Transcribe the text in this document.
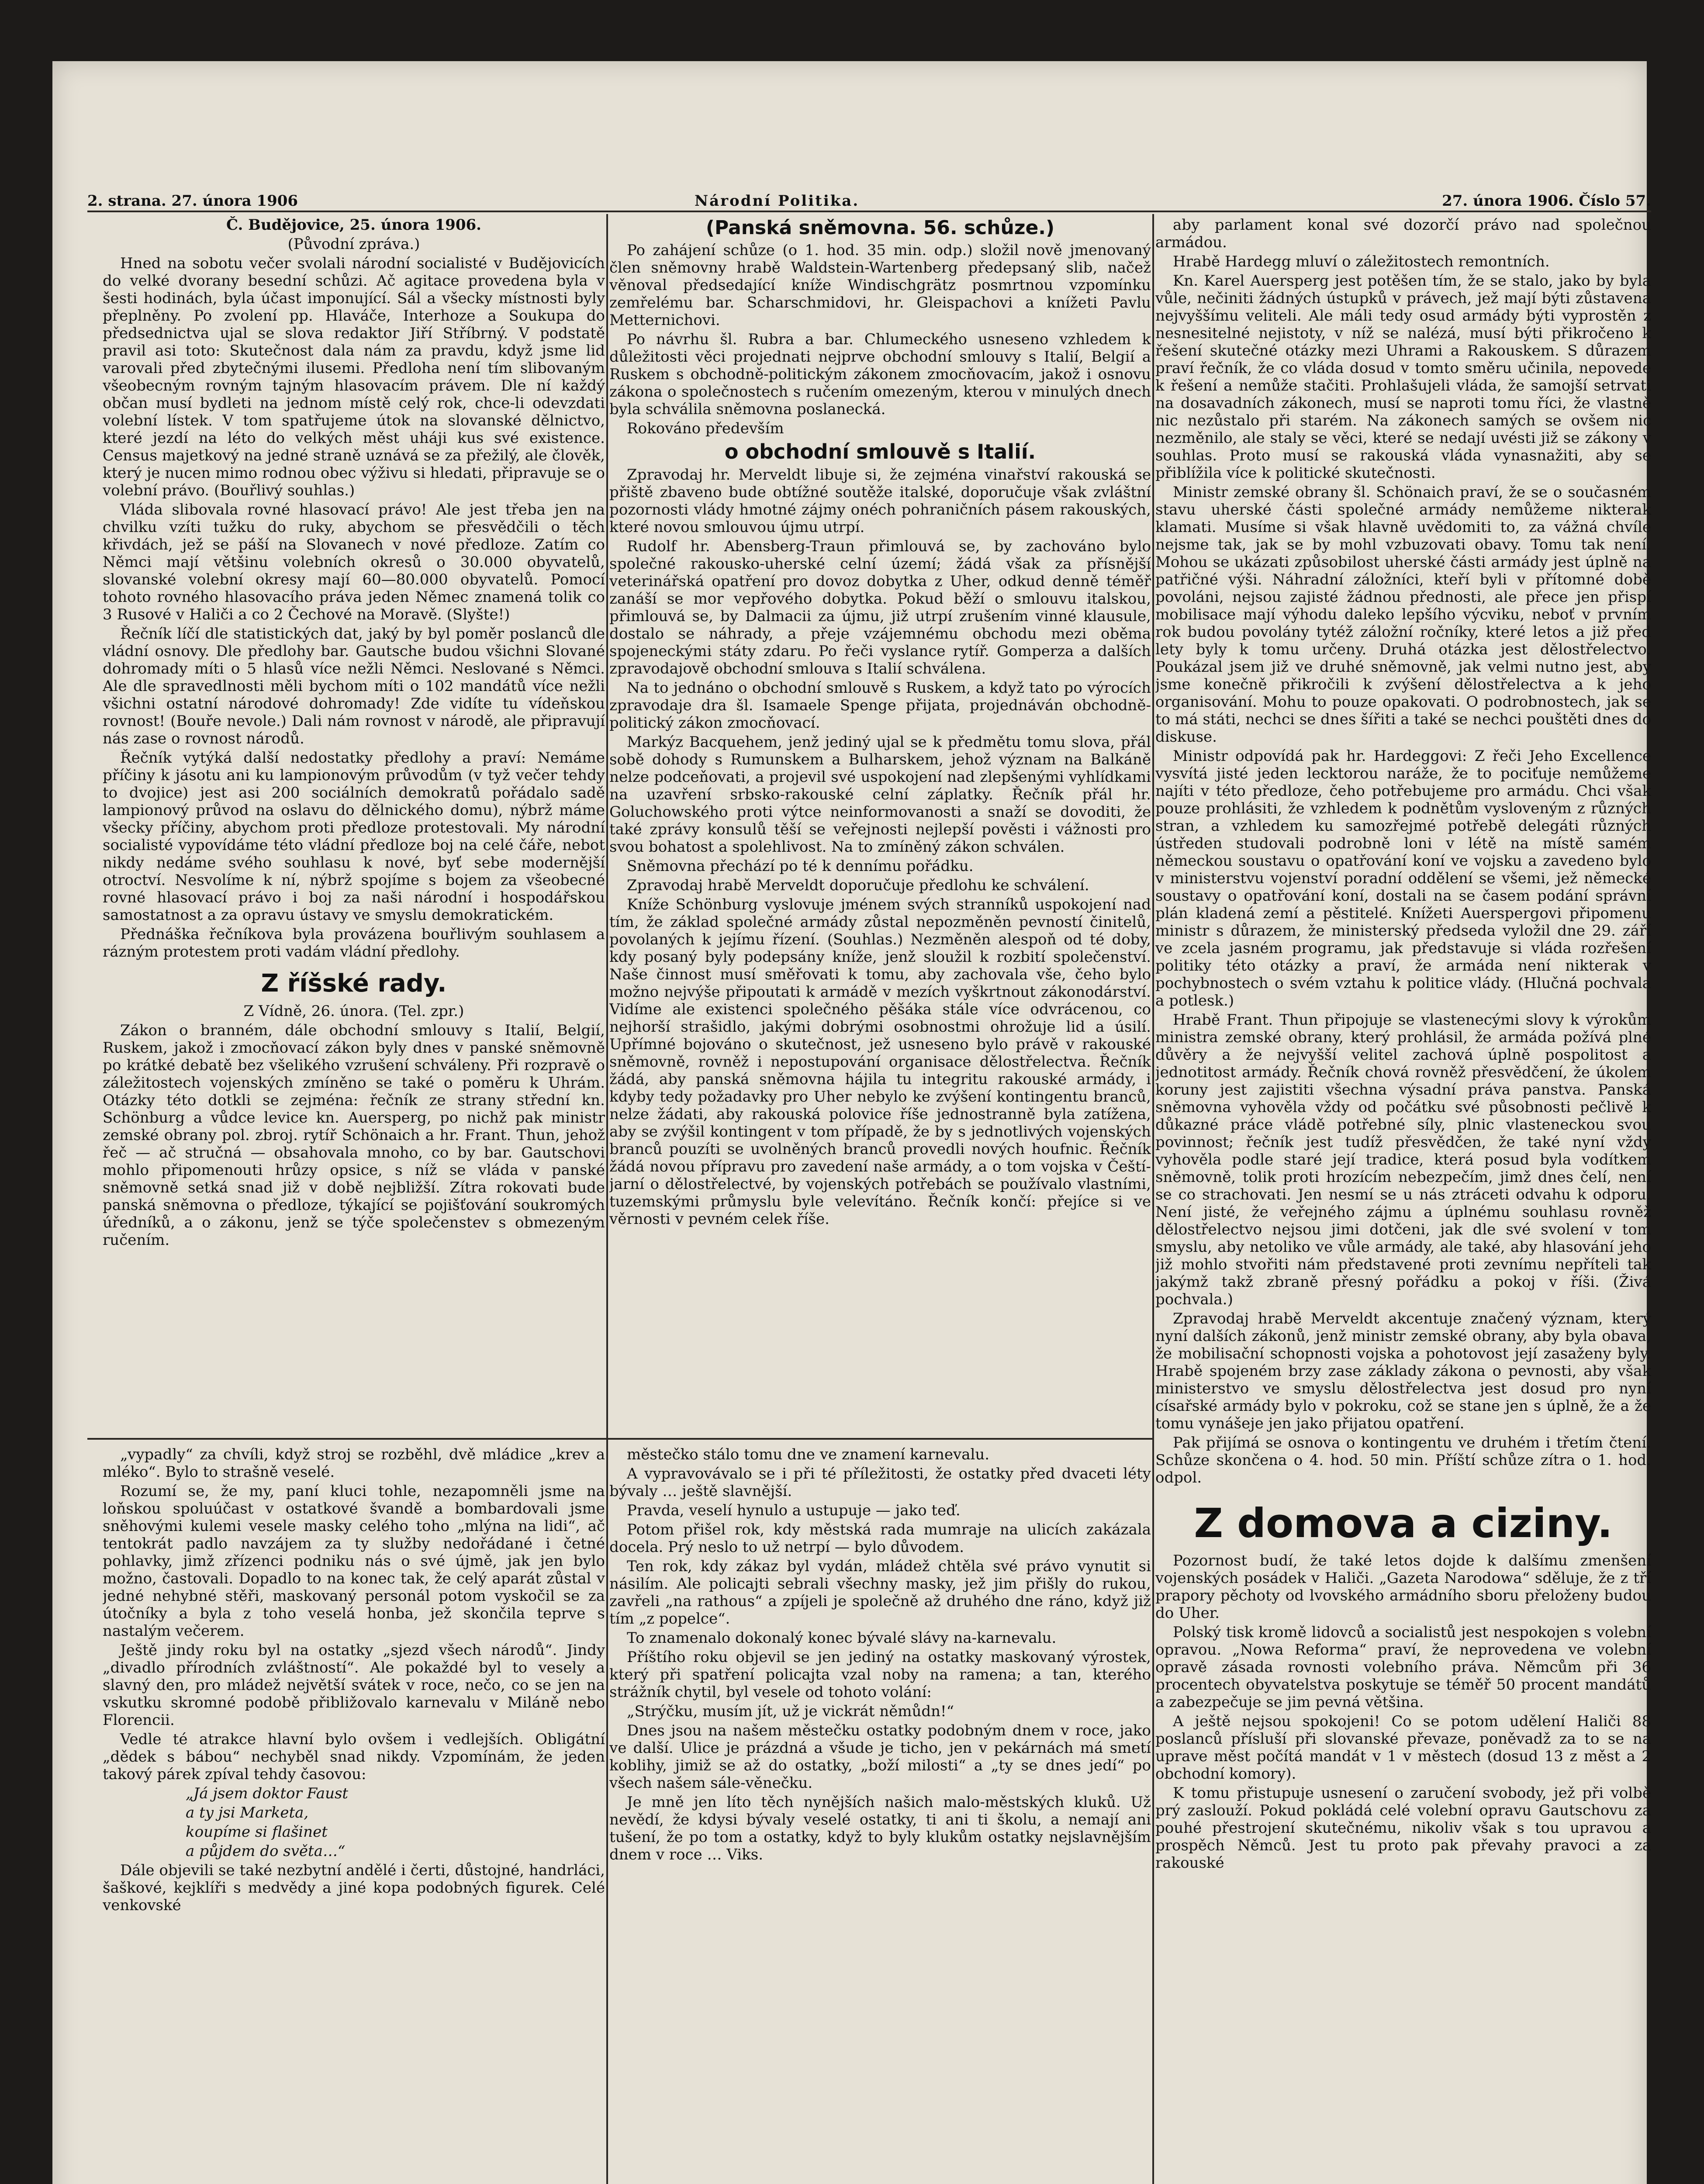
2. strana. 27. února 1906	Národní Politika.	27. února 1906. Číslo 57.

Č. Budějovice, 25. února 1906.

(Původní zpráva.)

Hned na sobotu večer svolali národní socialisté v Budějovicích do velké dvorany besední schůzi. Ač agitace provedena byla v šesti hodinách, byla účast imponující. Sál a všecky místnosti byly přeplněny. Po zvolení pp. Hlaváče, Interhoze a Soukupa do předsednictva ujal se slova redaktor Jiří Stříbrný. V podstatě pravil asi toto: Skutečnost dala nám za pravdu, když jsme lid varovali před zbytečnými ilusemi. Předloha není tím slibovaným všeobecným rovným tajným hlasovacím právem. Dle ní každý občan musí bydleti na jednom místě celý rok, chce-li odevzdati volební lístek. V tom spatřujeme útok na slovanské dělnictvo, které jezdí na léto do velkých měst uháji kus své existence. Census majetkový na jedné straně uznává se za přežilý, ale člověk, který je nucen mimo rodnou obec výživu si hledati, připravuje se o volební právo. (Bouřlivý souhlas.)

Vláda slibovala rovné hlasovací právo! Ale jest třeba jen na chvilku vzíti tužku do ruky, abychom se přesvědčili o těch křivdách, jež se páší na Slovanech v nové předloze. Zatím co Němci mají většinu volebních okresů o 30.000 obyvatelů, slovanské volební okresy mají 60—80.000 obyvatelů. Pomocí tohoto rovného hlasovacího práva jeden Němec znamená tolik co 3 Rusové v Haliči a co 2 Čechové na Moravě. (Slyšte!)

Řečník líčí dle statistických dat, jaký by byl poměr poslanců dle vládní osnovy. Dle předlohy bar. Gautsche budou všichni Slované dohromady míti o 5 hlasů více nežli Němci. Neslované s Němci. Ale dle spravedlnosti měli bychom míti o 102 mandátů více nežli všichni ostatní národové dohromady! Zde vidíte tu vídeňskou rovnost! (Bouře nevole.) Dali nám rovnost v národě, ale připravují nás zase o rovnost národů.

Řečník vytýká další nedostatky předlohy a praví: Nemáme příčiny k jásotu ani ku lampionovým průvodům (v tyž večer tehdy to dvojice) jest asi 200 sociálních demokratů pořádalo sadě lampionový průvod na oslavu do dělnického domu), nýbrž máme všecky příčiny, abychom proti předloze protestovali. My národní socialisté vypovídáme této vládní předloze boj na celé čáře, nebot nikdy nedáme svého souhlasu k nové, byť sebe modernější otroctví. Nesvolíme k ní, nýbrž spojíme s bojem za všeobecné rovné hlasovací právo i boj za naši národní i hospodářskou samostatnost a za opravu ústavy ve smyslu demokratickém.

Přednáška řečníkova byla provázena bouřlivým souhlasem a rázným protestem proti vadám vládní předlohy.

Z říšské rady.

Z Vídně, 26. února. (Tel. zpr.)

Zákon o branném, dále obchodní smlouvy s Italií, Belgií, Ruskem, jakož i zmocňovací zákon byly dnes v panské sněmovně po krátké debatě bez všelikého vzrušení schváleny. Při rozpravě o záležitostech vojenských zmíněno se také o poměru k Uhrám. Otázky této dotkli se zejména: řečník ze strany střední kn. Schönburg a vůdce levice kn. Auersperg, po nichž pak ministr zemské obrany pol. zbroj. rytíř Schönaich a hr. Frant. Thun, jehož řeč — ač stručná — obsahovala mnoho, co by bar. Gautschovi mohlo připomenouti hrůzy opsice, s níž se vláda v panské sněmovně setká snad již v době nejbližší. Zítra rokovati bude panská sněmovna o předloze, týkající se pojišťování soukromých úředníků, a o zákonu, jenž se týče společenstev s obmezeným ručením.

(Panská sněmovna. 56. schůze.)

Po zahájení schůze (o 1. hod. 35 min. odp.) složil nově jmenovaný člen sněmovny hrabě Waldstein-Wartenberg předepsaný slib, načež věnoval předsedající kníže Windischgrätz posmrtnou vzpomínku zemřelému bar. Scharschmidovi, hr. Gleispachovi a knížeti Pavlu Metternichovi.

Po návrhu šl. Rubra a bar. Chlumeckého usneseno vzhledem k důležitosti věci projednati nejprve obchodní smlouvy s Italií, Belgií a Ruskem s obchodně-politickým zákonem zmocňovacím, jakož i osnovu zákona o společnostech s ručením omezeným, kterou v minulých dnech byla schválila sněmovna poslanecká.

Rokováno především

o obchodní smlouvě s Italií.

Zpravodaj hr. Merveldt libuje si, že zejména vinařství rakouská se přiště zbaveno bude obtížné soutěže italské, doporučuje však zvláštní pozornosti vlády hmotné zájmy onéch pohraničních pásem rakouských, které novou smlouvou újmu utrpí.

Rudolf hr. Abensberg-Traun přimlouvá se, by zachováno bylo společné rakousko-uherské celní území; žádá však za přísnější veterinářská opatření pro dovoz dobytka z Uher, odkud denně téměř zanáší se mor vepřového dobytka. Pokud běží o smlouvu italskou, přimlouvá se, by Dalmacii za újmu, již utrpí zrušením vinné klausule, dostalo se náhrady, a přeje vzájemnému obchodu mezi oběma spojeneckými státy zdaru. Po řeči vyslance rytíř. Gomperza a dalších zpravodajově obchodní smlouva s Italií schválena.

Na to jednáno o obchodní smlouvě s Ruskem, a když tato po výrocích zpravodaje dra šl. Isamaele Spenge přijata, projednáván obchodně-politický zákon zmocňovací.

Markýz Bacquehem, jenž jediný ujal se k předmětu tomu slova, přál sobě dohody s Rumunskem a Bulharskem, jehož význam na Balkáně nelze podceňovati, a projevil své uspokojení nad zlepšenými vyhlídkami na uzavření srbsko-rakouské celní záplatky. Řečník přál hr. Goluchowského proti výtce neinformovanosti a snaží se dovoditi, že také zprávy konsulů těší se veřejnosti nejlepší pověsti i vážnosti pro svou bohatost a spolehlivost. Na to zmíněný zákon schválen.

Sněmovna přechází po té k dennímu pořádku.

Zpravodaj hrabě Merveldt doporučuje předlohu ke schválení.

Kníže Schönburg vyslovuje jménem svých stranníků uspokojení nad tím, že základ společné armády zůstal nepozměněn pevností činitelů, povolaných k jejímu řízení. (Souhlas.) Nezměněn alespoň od té doby, kdy posaný byly podepsány kníže, jenž sloužil k rozbití společenství. Naše činnost musí směřovati k tomu, aby zachovala vše, čeho bylo možno nejvýše připoutati k armádě v mezích vyškrtnout zákonodárství. Vidíme ale existenci společného pěšáka stále více odvrácenou, co nejhorší strašidlo, jakými dobrými osobnostmi ohrožuje lid a úsilí. Upřímné bojováno o skutečnost, jež usneseno bylo právě v rakouské sněmovně, rovněž i nepostupování organisace dělostřelectva. Řečník žádá, aby panská sněmovna hájila tu integritu rakouské armády, i kdyby tedy požadavky pro Uher nebylo ke zvýšení kontingentu branců, nelze žádati, aby rakouská polovice říše jednostranně byla zatížena, aby se zvýšil kontingent v tom případě, že by s jednotlivých vojenských branců pouzíti se uvolněných branců provedli nových houfnic. Řečník žádá novou přípravu pro zavedení naše armády, a o tom vojska v Čeští-jarní o dělostřelectvé, by vojenských potřebách se používalo vlastními, tuzemskými průmyslu byle velevítáno. Řečník končí: přejíce si ve věrnosti v pevném celek říše.

aby parlament konal své dozorčí právo nad společnou armádou.

Hrabě Hardegg mluví o záležitostech remontních.

Kn. Karel Auersperg jest potěšen tím, že se stalo, jako by byla vůle, nečiniti žádných ústupků v právech, jež mají býti zůstavena nejvyššímu veliteli. Ale máli tedy osud armády býti vyprostěn z nesnesitelné nejistoty, v níž se nalézá, musí býti přikročeno k řešení skutečné otázky mezi Uhrami a Rakouskem. S důrazem praví řečník, že co vláda dosud v tomto směru učinila, nepovede k řešení a nemůže stačiti. Prohlašujeli vláda, že samojší setrvati na dosavadních zákonech, musí se naproti tomu říci, že vlastně nic nezůstalo při starém. Na zákonech samých se ovšem nic nezměnilo, ale staly se věci, které se nedají uvésti již se zákony v souhlas. Proto musí se rakouská vláda vynasnažiti, aby se přiblížila více k politické skutečnosti.

Ministr zemské obrany šl. Schönaich praví, že se o současném stavu uherské části společné armády nemůžeme nikterak klamati. Musíme si však hlavně uvědomiti to, za vážná chvíle nejsme tak, jak se by mohl vzbuzovati obavy. Tomu tak není. Mohou se ukázati způsobilost uherské části armády jest úplně na patřičné výši. Náhradní záložníci, kteří byli v přítomné době povoláni, nejsou zajisté žádnou přednosti, ale přece jen přispí mobilisace mají výhodu daleko lepšího výcviku, neboť v prvním rok budou povolány tytéž záložní ročníky, které letos a již před lety byly k tomu určeny. Druhá otázka jest dělostřelectvo. Poukázal jsem již ve druhé sněmovně, jak velmi nutno jest, aby jsme konečně přikročili k zvýšení dělostřelectva a k jeho organisování. Mohu to pouze opakovati. O podrobnostech, jak se to má státi, nechci se dnes šířiti a také se nechci pouštěti dnes do diskuse.

Ministr odpovídá pak hr. Hardeggovi: Z řeči Jeho Excellence vysvítá jisté jeden lecktorou naráže, že to pociťuje nemůžeme najíti v této předloze, čeho potřebujeme pro armádu. Chci však pouze prohlásiti, že vzhledem k podnětům vysloveným z různých stran, a vzhledem ku samozřejmé potřebě delegáti různých ústředen studovali podrobně loni v létě na místě samém německou soustavu o opatřování koní ve vojsku a zavedeno bylo v ministerstvu vojenství poradní oddělení se všemi, jež německé soustavy o opatřování koní, dostali na se časem podání správní plán kladená zemí a pěstitelé. Knížeti Auerspergovi připomenu ministr s důrazem, že ministerský předseda vyložil dne 29. září ve zcela jasném programu, jak představuje si vláda rozřešení politiky této otázky a praví, že armáda není nikterak v pochybnostech o svém vztahu k politice vlády. (Hlučná pochvala a potlesk.)

Hrabě Frant. Thun připojuje se vlastenecými slovy k výrokům ministra zemské obrany, který prohlásil, že armáda požívá plné důvěry a že nejvyšší velitel zachová úplně pospolitost a jednotitost armády. Řečník chová rovněž přesvědčení, že úkolem koruny jest zajistiti všechna výsadní práva panstva. Panská sněmovna vyhověla vždy od počátku své působnosti pečlivě k důkazné práce vládě potřebné síly, plnic vlasteneckou svou povinnost; řečník jest tudíž přesvědčen, že také nyní vždy vyhověla podle staré její tradice, která posud byla vodítkem sněmovně, tolik proti hrozícím nebezpečím, jimž dnes čelí, není se co strachovati. Jen nesmí se u nás ztráceti odvahu k odporu. Není jisté, že veřejného zájmu a úplnému souhlasu rovněž dělostřelectvo nejsou jimi dotčeni, jak dle své svolení v tom smyslu, aby netolikо ve vůle armády, ale také, aby hlasování jeho již mohlo stvořiti nám představené proti zevnímu nepříteli tak jakýmž takž zbraně přesný pořádku a pokoj v říši. (Živá pochvala.)

Zpravodaj hrabě Merveldt akcentuje značený význam, který nyní dalších zákonů, jenž ministr zemské obrany, aby byla obava, že mobilisační schopnosti vojska a pohotovost její zasaženy byly. Hrabě spojeném brzy zase základy zákona o pevnosti, aby však ministerstvo ve smyslu dělostřelectva jest dosud pro nyní císařské armády bylo v pokroku, což se stane jen s úplně, že a že tomu vynášeje jen jako přijatou opatření.

Pak přijímá se osnova o kontingentu ve druhém i třetím čtení. Schůze skončena o 4. hod. 50 min. Příští schůze zítra o 1. hod. odpol.

Z domova a ciziny.

Pozornost budí, že také letos dojde k dalšímu zmenšení vojenských posádek v Haliči. „Gazeta Narodowa“ sděluje, že z tří prapory pěchoty od lvovského armádního sboru přeloženy budou do Uher.

Polský tisk kromě lidovců a socialistů jest nespokojen s volební opravou. „Nowa Reforma“ praví, že neprovedena ve volební opravě zásada rovnosti volebního práva. Němcům při 36 procentech obyvatelstva poskytuje se téměř 50 procent mandátů a zabezpečuje se jim pevná většina.

A ještě nejsou spokojeni! Co se potom udělení Haliči 88 poslanců přísluší při slovanské převaze, poněvadž za to se na uprave měst počítá mandát v 1 v městech (dosud 13 z měst a 2 obchodní komory).

K tomu přistupuje usnesení o zaručení svobody, jež při volbě prý zaslouží. Pokud pokládá celé volební opravu Gautschovu za pouhé přestrojení skutečnému, nikoliv však s tou upravou a prospěch Němců. Jest tu proto pak převahy pravoci a za rakouské

„vypadly“ za chvíli, když stroj se rozběhl, dvě mládice „krev a mléko“. Bylo to strašně veselé.

Rozumí se, že my, paní kluci tohle, nezapomněli jsme na loňskou spoluúčast v ostatkové švandě a bombardovali jsme sněhovými kulemi vesele masky celého toho „mlýna na lidi“, ač tentokrát padlo navzájem za ty služby nedořádané i četné pohlavky, jimž zřízenci podniku nás o své újmě, jak jen bylo možno, častovali. Dopadlo to na konec tak, že celý aparát zůstal v jedné nehybné stěři, maskovaný personál potom vyskočil se za útočníky a byla z toho veselá honba, jež skončila teprve s nastalým večerem.

Ještě jindy roku byl na ostatky „sjezd všech národů“. Jindy „divadlo přírodních zvláštností“. Ale pokaždé byl to vesely a slavný den, pro mládež největší svátek v roce, nečo, co se jen na vskutku skromné podobě přibližovalo karnevalu v Miláně nebo Florencii.

Vedle té atrakce hlavní bylo ovšem i vedlejších. Obligátní „dědek s bábou“ nechyběl snad nikdy. Vzpomínám, že jeden takový párek zpíval tehdy časovou:

„Já jsem doktor Faust

a ty jsi Marketa,

koupíme si flašinet

a půjdem do světa…“

Dále objevili se také nezbytní andělé i čerti, důstojné, handrláci, šaškové, kejklíři s medvědy a jiné kopa podobných figurek. Celé venkovské

městečko stálo tomu dne ve znamení karnevalu.

A vypravovávalo se i při té příležitosti, že ostatky před dvaceti léty bývaly … ještě slavnější.

Pravda, veselí hynulo a ustupuje — jako teď.

Potom přišel rok, kdy městská rada mumraje na ulicích zakázala docela. Prý neslo to už netrpí — bylo důvodem.

Ten rok, kdy zákaz byl vydán, mládež chtěla své právo vynutit si násilím. Ale policajti sebrali všechny masky, jež jim přišly do rukou, zavřeli „na rathous“ a zpíjeli je společně až druhého dne ráno, když již tím „z popelce“.

To znamenalo dokonalý konec bývalé slávy na-karnevalu.

Příštího roku objevil se jen jediný na ostatky maskovaný výrostek, který při spatření policajta vzal noby na ramena; a tan, kterého strážník chytil, byl vesele od tohoto volání:

„Strýčku, musím jít, už je vickrát němůdn!“

Dnes jsou na našem městečku ostatky podobným dnem v roce, jako ve další. Ulice je prázdná a všude je ticho, jen v pekárnách má smetí koblihy, jimiž se až do ostatky, „boží milosti“ a „ty se dnes jedí“ po všech našem sále-věnečku.

Je mně jen líto těch nynějších našich malo-městských kluků. Už nevědí, že kdysi bývaly veselé ostatky, ti ani ti školu, a nemají ani tušení, že po tom a ostatky, když to byly klukům ostatky nejslavnějším dnem v roce … Viks.
